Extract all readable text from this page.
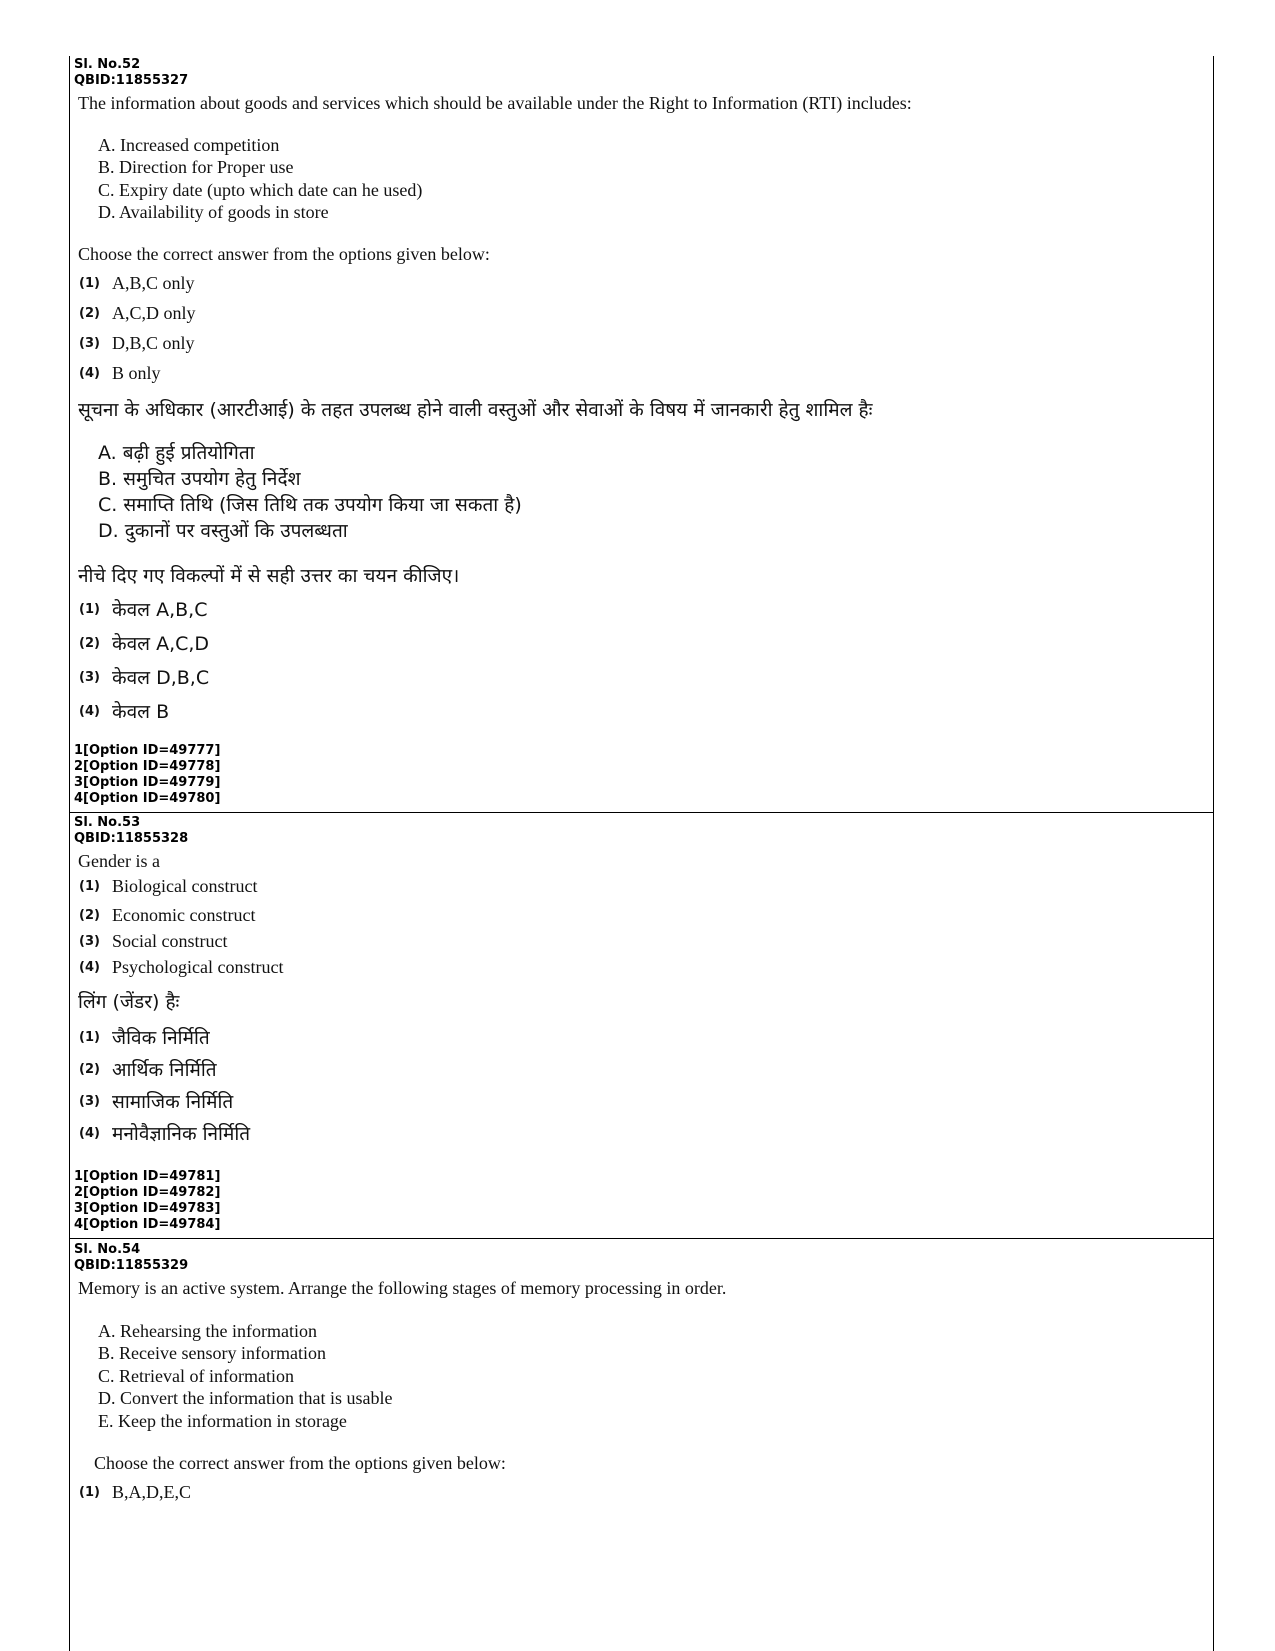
Sl. No.52
QBID:11855327
The information about goods and services which should be available under the Right to Information (RTI) includes:
A. Increased competition
B. Direction for Proper use
C. Expiry date (upto which date can he used)
D. Availability of goods in store
Choose the correct answer from the options given below:
(1) A,B,C only
(2) A,C,D only
(3) D,B,C only
(4) B only
सूचना के अधिकार (आरटीआई) के तहत उपलब्ध होने वाली वस्तुओं और सेवाओं के विषय में जानकारी हेतु शामिल हैः
A. बढ़ी हुई प्रतियोगिता
B. समुचित उपयोग हेतु निर्देश
C. समाप्ति तिथि (जिस तिथि तक उपयोग किया जा सकता है)
D. दुकानों पर वस्तुओं कि उपलब्धता
नीचे दिए गए विकल्पों में से सही उत्तर का चयन कीजिए।
(1) केवल A,B,C
(2) केवल A,C,D
(3) केवल D,B,C
(4) केवल B
1[Option ID=49777]
2[Option ID=49778]
3[Option ID=49779]
4[Option ID=49780]
Sl. No.53
QBID:11855328
Gender is a
(1) Biological construct
(2) Economic construct
(3) Social construct
(4) Psychological construct
लिंग (जेंडर) हैः
(1) जैविक निर्मिति
(2) आर्थिक निर्मिति
(3) सामाजिक निर्मिति
(4) मनोवैज्ञानिक निर्मिति
1[Option ID=49781]
2[Option ID=49782]
3[Option ID=49783]
4[Option ID=49784]
Sl. No.54
QBID:11855329
Memory is an active system. Arrange the following stages of memory processing in order.
A. Rehearsing the information
B. Receive sensory information
C. Retrieval of information
D. Convert the information that is usable
E. Keep the information in storage
Choose the correct answer from the options given below:
(1) B,A,D,E,C
